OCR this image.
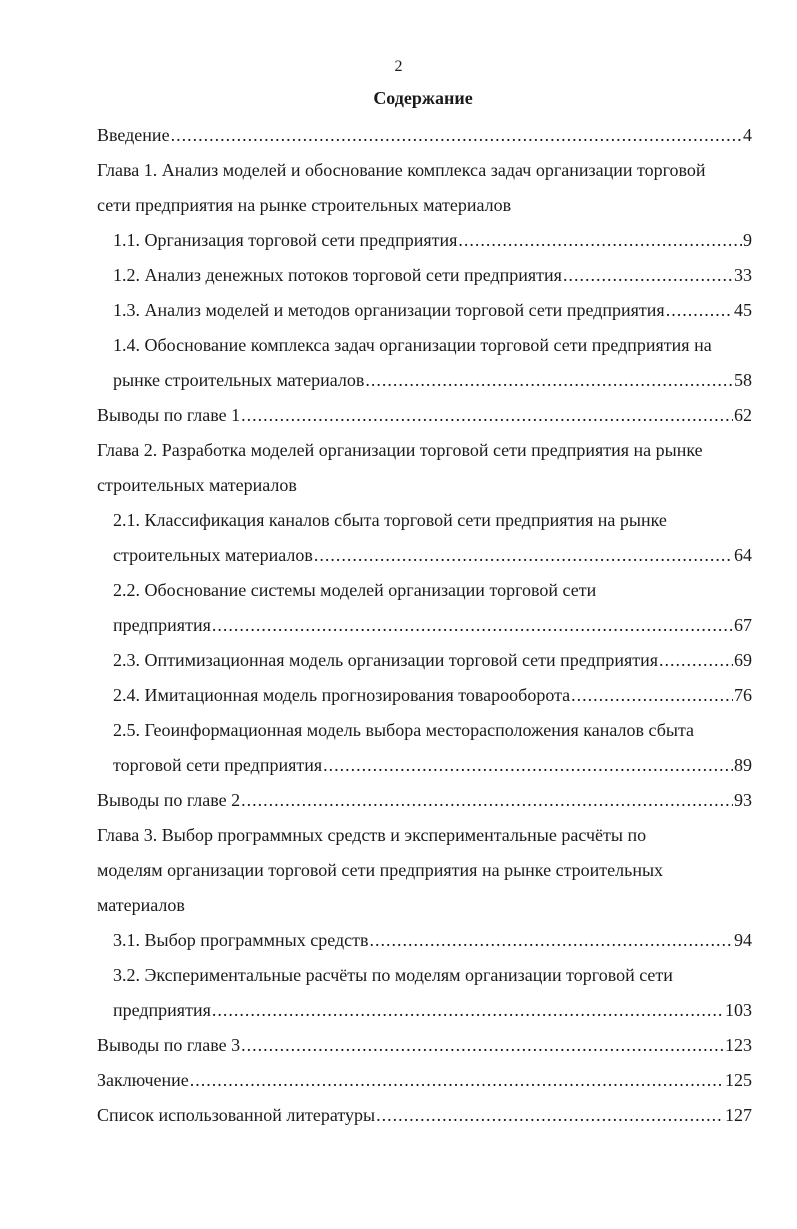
2
Содержание
Введение .....	4
Глава 1. Анализ моделей и обоснование комплекса задач организации торговой
сети предприятия на рынке строительных материалов
1.1. Организация торговой сети предприятия .....	9
1.2. Анализ денежных потоков торговой сети предприятия .....	33
1.3. Анализ моделей и методов организации торговой сети предприятия .....	45
1.4. Обоснование комплекса задач организации торговой сети предприятия на
рынке строительных материалов .....	58
Выводы по главе 1 .....	62
Глава 2. Разработка моделей организации торговой сети предприятия на рынке
строительных материалов
2.1. Классификация каналов сбыта торговой сети предприятия на рынке
строительных материалов .....	64
2.2. Обоснование системы моделей организации торговой сети
предприятия .....	67
2.3. Оптимизационная модель организации торговой сети предприятия .....	69
2.4. Имитационная модель прогнозирования товарооборота .....	76
2.5. Геоинформационная модель выбора месторасположения каналов сбыта
торговой сети предприятия .....	89
Выводы по главе 2 .....	93
Глава 3. Выбор программных средств и экспериментальные расчёты по
моделям организации торговой сети предприятия на рынке строительных
материалов
3.1. Выбор программных средств .....	94
3.2. Экспериментальные расчёты по моделям организации торговой сети
предприятия .....	103
Выводы по главе 3 .....	123
Заключение .....	125
Список использованной литературы .....	127
